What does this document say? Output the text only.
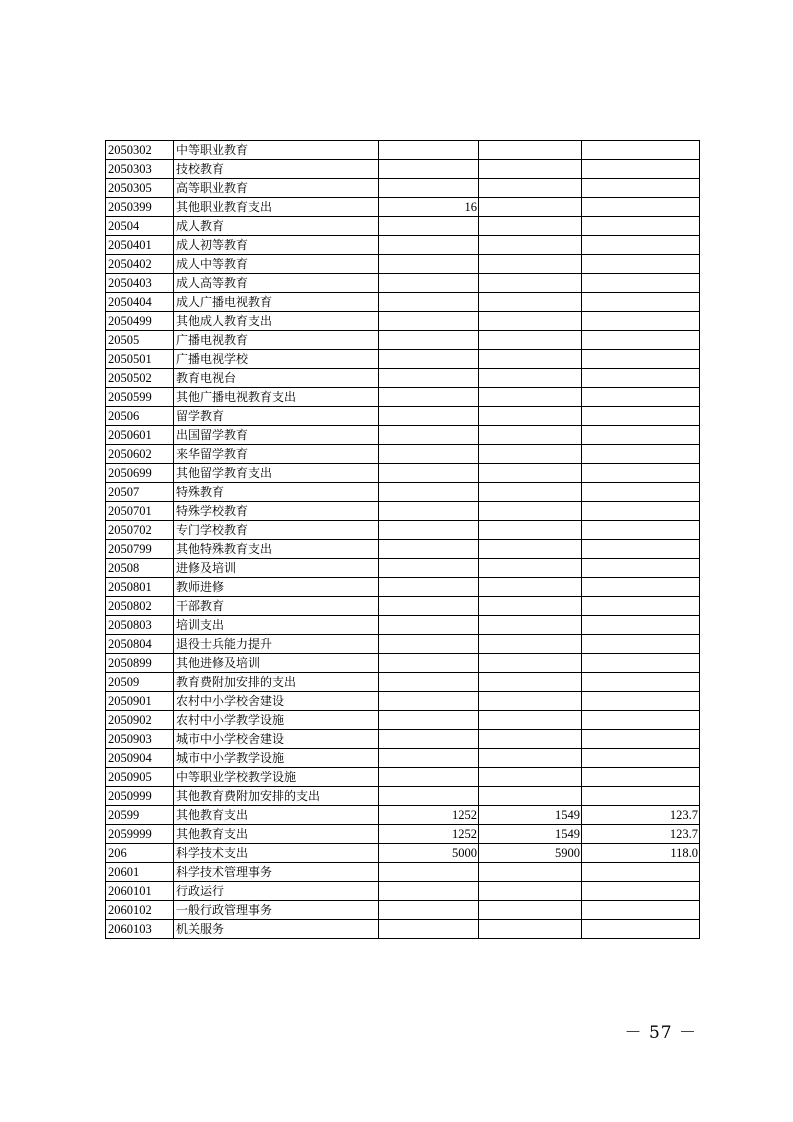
2050302	中等职业教育			
2050303	技校教育			
2050305	高等职业教育			
2050399	其他职业教育支出	16		
20504	成人教育			
2050401	成人初等教育			
2050402	成人中等教育			
2050403	成人高等教育			
2050404	成人广播电视教育			
2050499	其他成人教育支出			
20505	广播电视教育			
2050501	广播电视学校			
2050502	教育电视台			
2050599	其他广播电视教育支出			
20506	留学教育			
2050601	出国留学教育			
2050602	来华留学教育			
2050699	其他留学教育支出			
20507	特殊教育			
2050701	特殊学校教育			
2050702	专门学校教育			
2050799	其他特殊教育支出			
20508	进修及培训			
2050801	教师进修			
2050802	干部教育			
2050803	培训支出			
2050804	退役士兵能力提升			
2050899	其他进修及培训			
20509	教育费附加安排的支出			
2050901	农村中小学校舍建设			
2050902	农村中小学教学设施			
2050903	城市中小学校舍建设			
2050904	城市中小学教学设施			
2050905	中等职业学校教学设施			
2050999	其他教育费附加安排的支出			
20599	其他教育支出	1252	1549	123.7
2059999	其他教育支出	1252	1549	123.7
206	科学技术支出	5000	5900	118.0
20601	科学技术管理事务			
2060101	行政运行			
2060102	一般行政管理事务			
2060103	机关服务			
－ 57 －
